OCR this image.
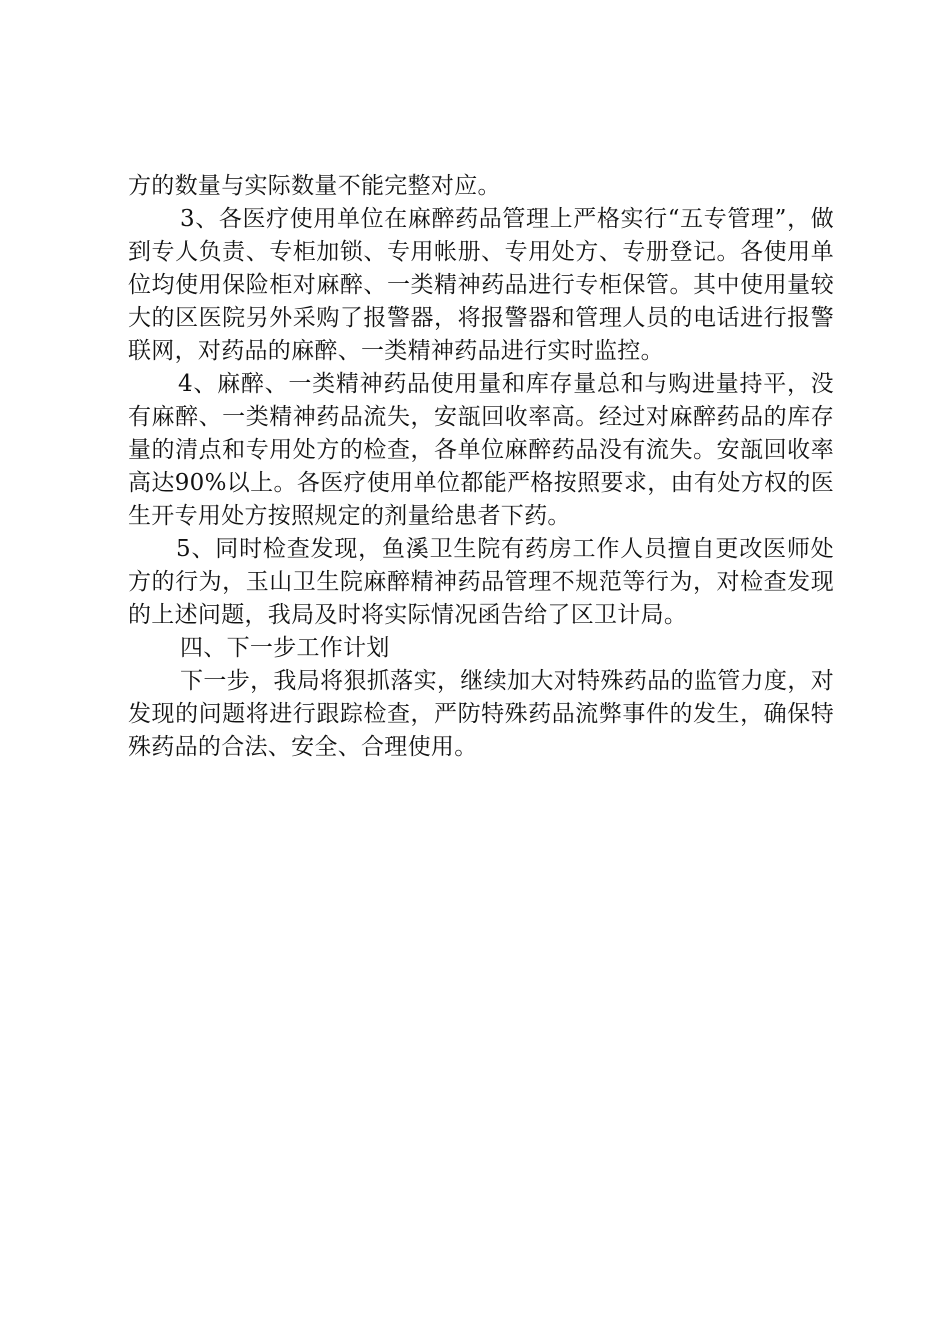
方的数量与实际数量不能完整对应。

3、各医疗使用单位在麻醉药品管理上严格实行“五专管理”，做到专人负责、专柜加锁、专用帐册、专用处方、专册登记。各使用单位均使用保险柜对麻醉、一类精神药品进行专柜保管。其中使用量较大的区医院另外采购了报警器，将报警器和管理人员的电话进行报警联网，对药品的麻醉、一类精神药品进行实时监控。

4、麻醉、一类精神药品使用量和库存量总和与购进量持平，没有麻醉、一类精神药品流失，安瓿回收率高。经过对麻醉药品的库存量的清点和专用处方的检查，各单位麻醉药品没有流失。安瓿回收率高达90%以上。各医疗使用单位都能严格按照要求，由有处方权的医生开专用处方按照规定的剂量给患者下药。

5、同时检查发现，鱼溪卫生院有药房工作人员擅自更改医师处方的行为，玉山卫生院麻醉精神药品管理不规范等行为，对检查发现的上述问题，我局及时将实际情况函告给了区卫计局。

四、下一步工作计划

下一步，我局将狠抓落实，继续加大对特殊药品的监管力度，对发现的问题将进行跟踪检查，严防特殊药品流弊事件的发生，确保特殊药品的合法、安全、合理使用。
